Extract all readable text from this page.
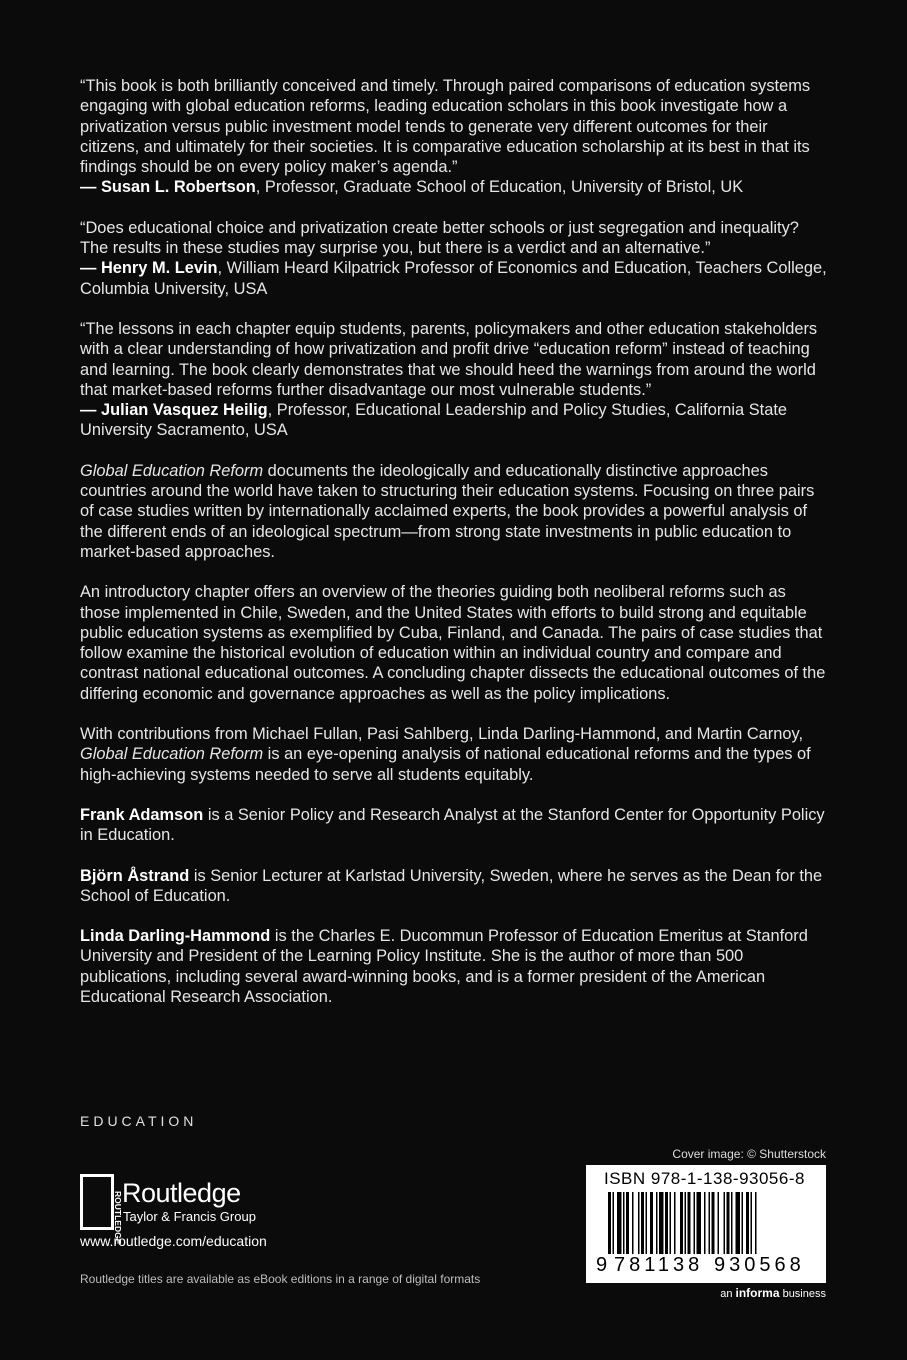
“This book is both brilliantly conceived and timely. Through paired comparisons of education systems engaging with global education reforms, leading education scholars in this book investigate how a privatization versus public investment model tends to generate very different outcomes for their citizens, and ultimately for their societies. It is comparative education scholarship at its best in that its findings should be on every policy maker’s agenda.”

— Susan L. Robertson, Professor, Graduate School of Education, University of Bristol, UK

“Does educational choice and privatization create better schools or just segregation and inequality? The results in these studies may surprise you, but there is a verdict and an alternative.”

— Henry M. Levin, William Heard Kilpatrick Professor of Economics and Education, Teachers College, Columbia University, USA

“The lessons in each chapter equip students, parents, policymakers and other education stakeholders with a clear understanding of how privatization and profit drive “education reform” instead of teaching and learning. The book clearly demonstrates that we should heed the warnings from around the world that market-based reforms further disadvantage our most vulnerable students.”

— Julian Vasquez Heilig, Professor, Educational Leadership and Policy Studies, California State University Sacramento, USA

Global Education Reform documents the ideologically and educationally distinctive approaches countries around the world have taken to structuring their education systems. Focusing on three pairs of case studies written by internationally acclaimed experts, the book provides a powerful analysis of the different ends of an ideological spectrum—from strong state investments in public education to market-based approaches.

An introductory chapter offers an overview of the theories guiding both neoliberal reforms such as those implemented in Chile, Sweden, and the United States with efforts to build strong and equitable public education systems as exemplified by Cuba, Finland, and Canada. The pairs of case studies that follow examine the historical evolution of education within an individual country and compare and contrast national educational outcomes. A concluding chapter dissects the educational outcomes of the differing economic and governance approaches as well as the policy implications.

With contributions from Michael Fullan, Pasi Sahlberg, Linda Darling-Hammond, and Martin Carnoy, Global Education Reform is an eye-opening analysis of national educational reforms and the types of high-achieving systems needed to serve all students equitably.

Frank Adamson is a Senior Policy and Research Analyst at the Stanford Center for Opportunity Policy in Education.

Björn Åstrand is Senior Lecturer at Karlstad University, Sweden, where he serves as the Dean for the School of Education.

Linda Darling-Hammond is the Charles E. Ducommun Professor of Education Emeritus at Stanford University and President of the Learning Policy Institute. She is the author of more than 500 publications, including several award-winning books, and is a former president of the American Educational Research Association.

EDUCATION
Cover image: © Shutterstock
ISBN 978-1-138-93056-8
9 781138 930568
an informa business
ROUTLEDGE Routledge
Taylor & Francis Group
www.routledge.com/education
Routledge titles are available as eBook editions in a range of digital formats
